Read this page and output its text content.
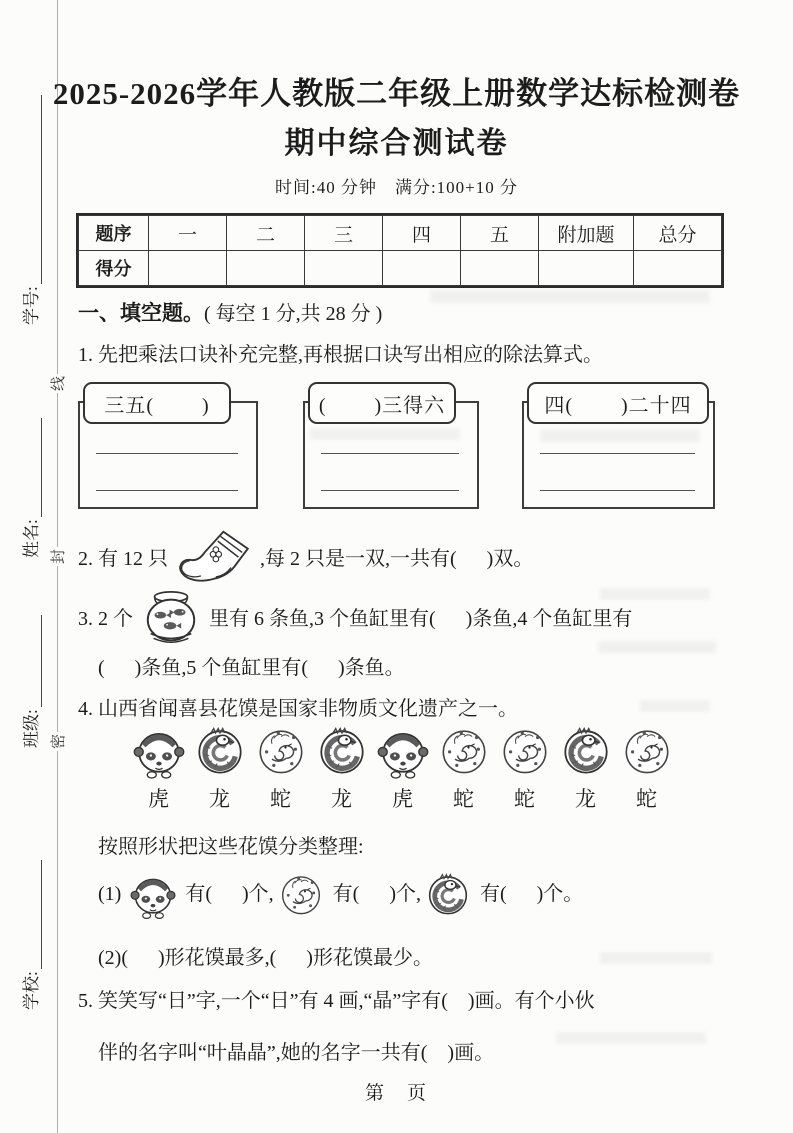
学号:
姓名:
班级:
学校:
线
封
密
2025-2026学年人教版二年级上册数学达标检测卷
期中综合测试卷
时间:40 分钟　满分:100+10 分
题序	一	二	三	四	五	附加题	总分
得分							
一、填空题。( 每空 1 分,共 28 分 )
1. 先把乘法口诀补充完整,再根据口诀写出相应的除法算式。
三五(        )	(        )三得六	四(        )二十四
2. 有 12 只	,每 2 只是一双,一共有(      )双。
3. 2 个	里有 6 条鱼,3 个鱼缸里有(      )条鱼,4 个鱼缸里有
(      )条鱼,5 个鱼缸里有(      )条鱼。
4. 山西省闻喜县花馍是国家非物质文化遗产之一。
虎 龙 蛇 龙 虎 蛇 蛇 龙 蛇
按照形状把这些花馍分类整理:
(1)	有(      )个,	有(      )个,	有(      )个。
(2)(      )形花馍最多,(      )形花馍最少。
5. 笑笑写“日”字,一个“日”有 4 画,“晶”字有(    )画。有个小伙
伴的名字叫“叶晶晶”,她的名字一共有(    )画。
第　页
